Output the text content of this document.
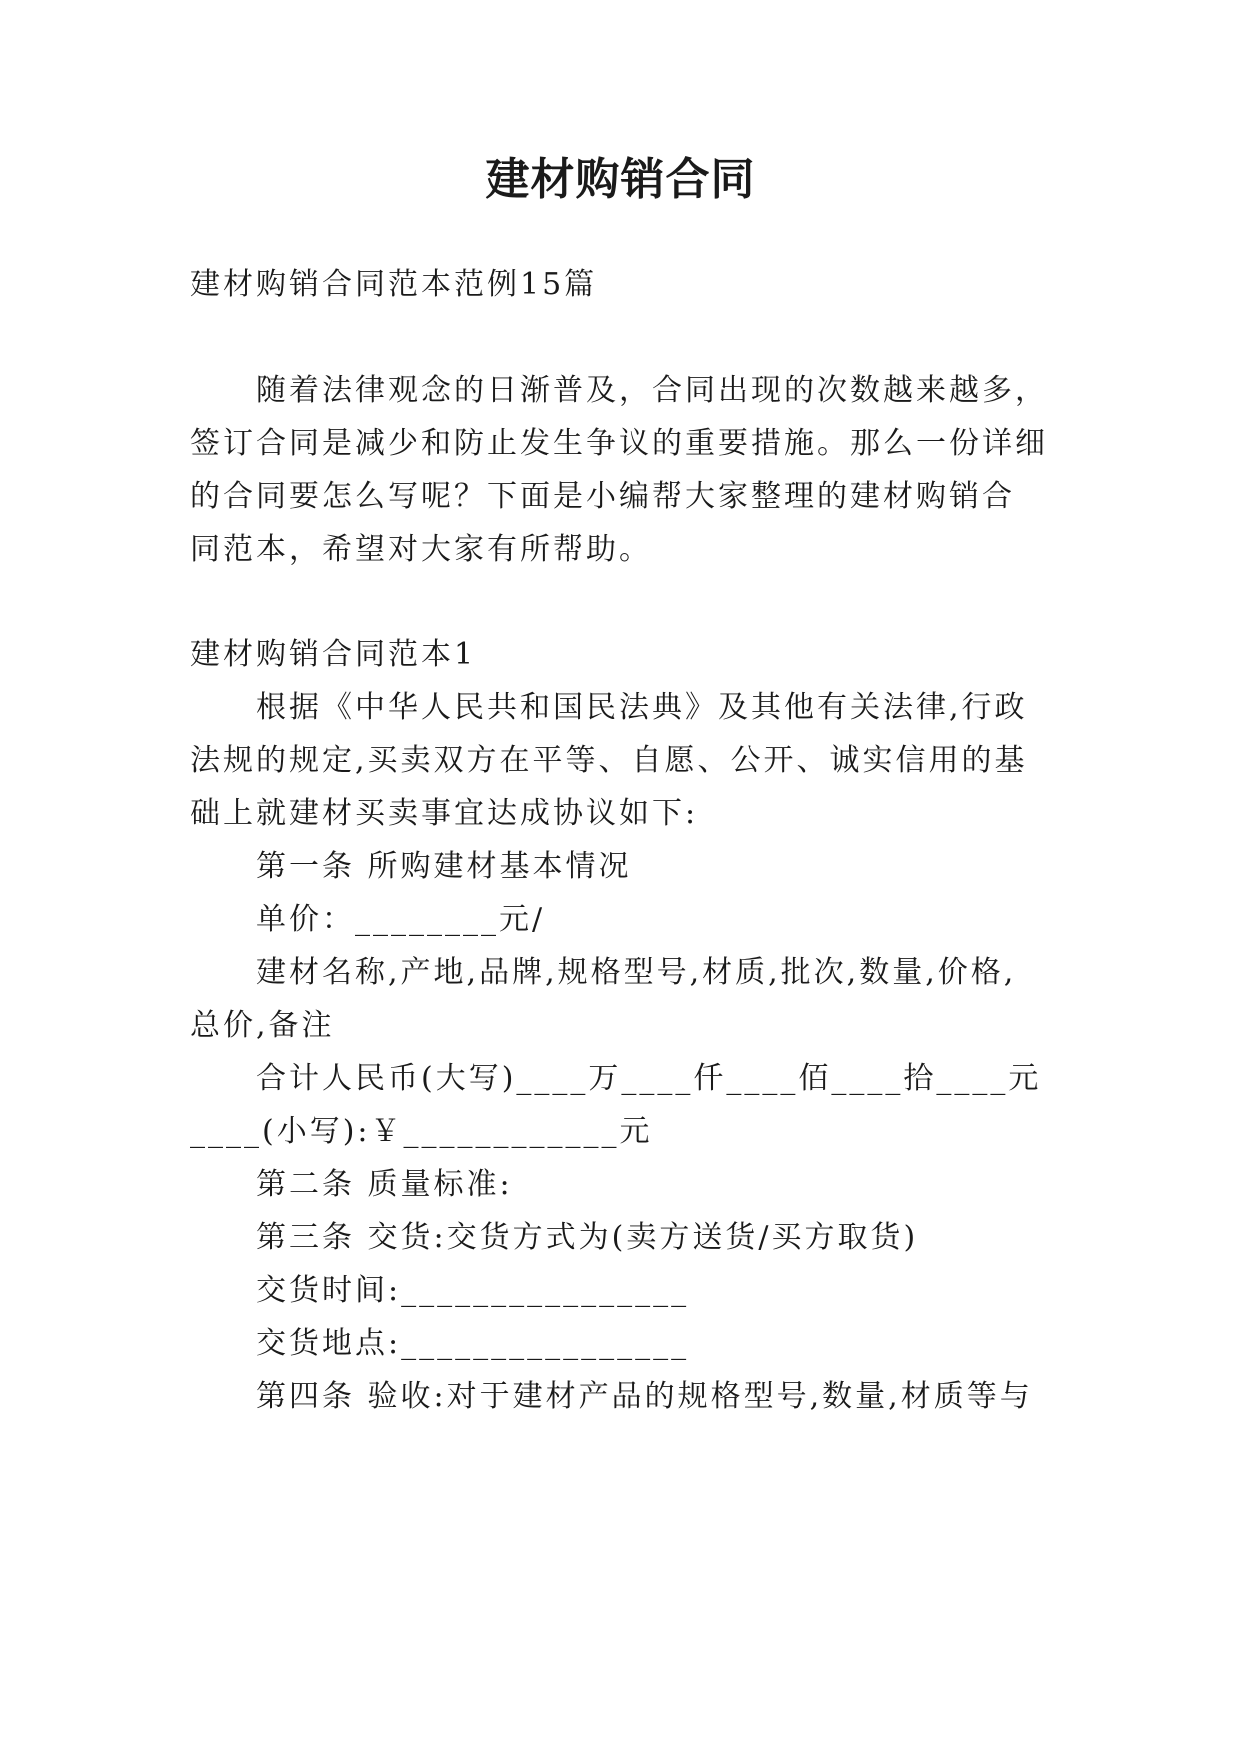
建材购销合同

建材购销合同范本范例15篇

随着法律观念的日渐普及，合同出现的次数越来越多，

签订合同是减少和防止发生争议的重要措施。那么一份详细

的合同要怎么写呢？下面是小编帮大家整理的建材购销合

同范本，希望对大家有所帮助。

建材购销合同范本1

根据《中华人民共和国民法典》及其他有关法律,行政

法规的规定,买卖双方在平等、自愿、公开、诚实信用的基

础上就建材买卖事宜达成协议如下:

第一条 所购建材基本情况

单价：________元/

建材名称,产地,品牌,规格型号,材质,批次,数量,价格,

总价,备注

合计人民币(大写)____万____仟____佰____拾____元

____(小写):￥____________元

第二条 质量标准:

第三条 交货:交货方式为(卖方送货/买方取货)

交货时间:________________

交货地点:________________

第四条 验收:对于建材产品的规格型号,数量,材质等与
